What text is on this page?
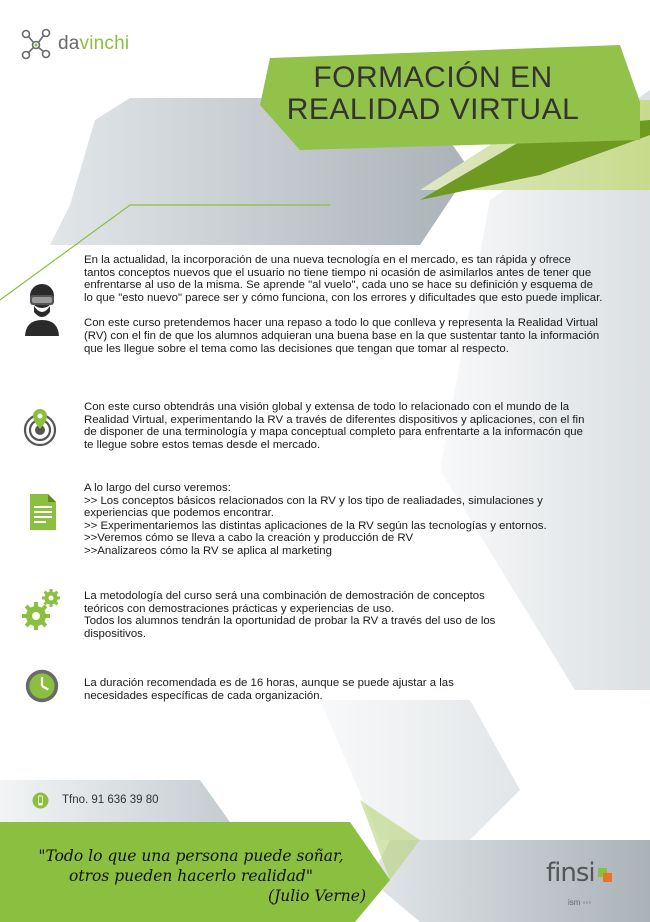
davinchi
FORMACIÓN EN
REALIDAD VIRTUAL

En la actualidad, la incorporación de una nueva tecnología en el mercado, es tan rápida y ofrece tantos conceptos nuevos que el usuario no tiene tiempo ni ocasión de asimilarlos antes de tener que enfrentarse al uso de la misma. Se aprende "al vuelo", cada uno se hace su definición y esquema de lo que "esto nuevo" parece ser y cómo funciona, con los errores y dificultades que esto puede implicar.

Con este curso pretendemos hacer una repaso a todo lo que conlleva y representa la Realidad Virtual (RV) con el fin de que los alumnos adquieran una buena base en la que sustentar tanto la información que les llegue sobre el tema como las decisiones que tengan que tomar al respecto.

Con este curso obtendrás una visión global y extensa de todo lo relacionado con el mundo de la Realidad Virtual, experimentando la RV a través de diferentes dispositivos y aplicaciones, con el fin de disponer de una terminología y mapa conceptual completo para enfrentarte a la informacón que te llegue sobre estos temas desde el mercado.

A lo largo del curso veremos:

>> Los conceptos básicos relacionados con la RV y los tipo de realiadades, simulaciones y experiencias que podemos encontrar.

>> Experimentariemos las distintas aplicaciones de la RV según las tecnologías y entornos.

>>Veremos cómo se lleva a cabo la creación y producción de RV

>>Analizareos cómo la RV se aplica al marketing

La metodología del curso será una combinación de demostración de conceptos teóricos con demostraciones prácticas y experiencias de uso.

Todos los alumnos tendrán la oportunidad de probar la RV a través del uso de los dispositivos.

La duración recomendada es de 16 horas, aunque se puede ajustar a las necesidades específicas de cada organización.

Tfno. 91 636 39 80
"Todo lo que una persona puede soñar,
otros pueden hacerlo realidad"
(Julio Verne)
finsi
ism ◦◦◦
